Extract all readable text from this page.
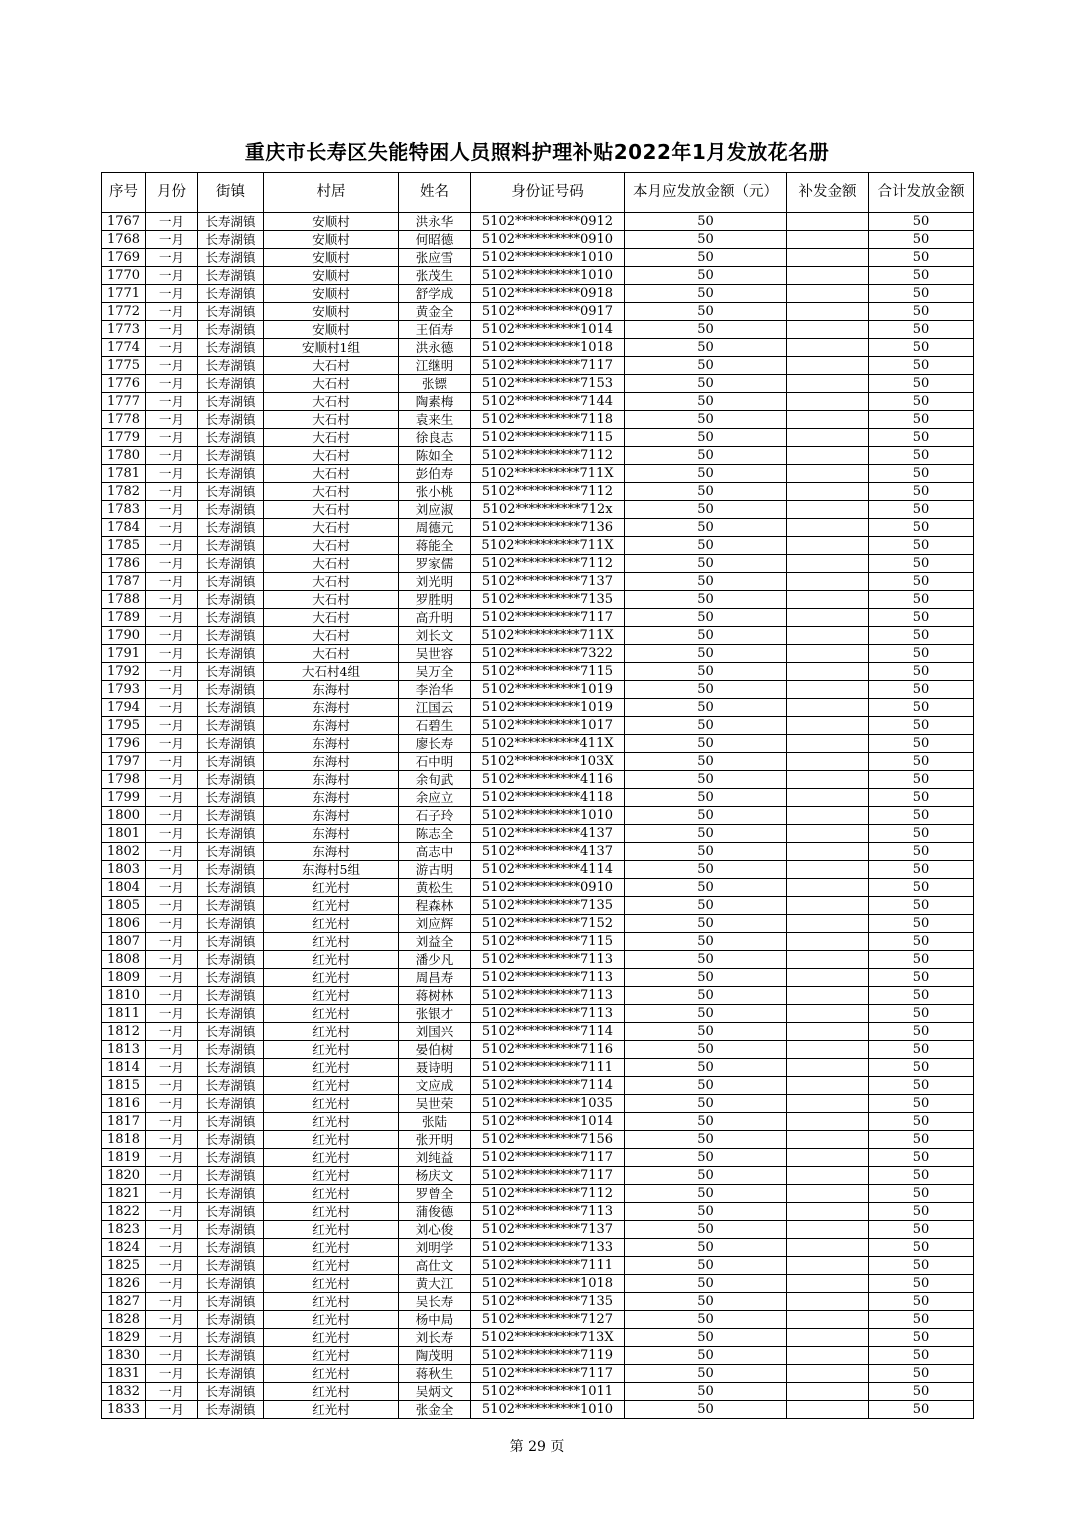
重庆市长寿区失能特困人员照料护理补贴2022年1月发放花名册
序号	月份	街镇	村居	姓名	身份证号码	本月应发放金额（元）	补发金额	合计发放金额
1767	一月	长寿湖镇	安顺村	洪永华	5102**********0912	50		50
1768	一月	长寿湖镇	安顺村	何昭德	5102**********0910	50		50
1769	一月	长寿湖镇	安顺村	张应雪	5102**********1010	50		50
1770	一月	长寿湖镇	安顺村	张茂生	5102**********1010	50		50
1771	一月	长寿湖镇	安顺村	舒学成	5102**********0918	50		50
1772	一月	长寿湖镇	安顺村	黄金全	5102**********0917	50		50
1773	一月	长寿湖镇	安顺村	王佰寿	5102**********1014	50		50
1774	一月	长寿湖镇	安顺村1组	洪永德	5102**********1018	50		50
1775	一月	长寿湖镇	大石村	江继明	5102**********7117	50		50
1776	一月	长寿湖镇	大石村	张镖	5102**********7153	50		50
1777	一月	长寿湖镇	大石村	陶素梅	5102**********7144	50		50
1778	一月	长寿湖镇	大石村	袁来生	5102**********7118	50		50
1779	一月	长寿湖镇	大石村	徐良志	5102**********7115	50		50
1780	一月	长寿湖镇	大石村	陈如全	5102**********7112	50		50
1781	一月	长寿湖镇	大石村	彭伯寿	5102**********711X	50		50
1782	一月	长寿湖镇	大石村	张小桃	5102**********7112	50		50
1783	一月	长寿湖镇	大石村	刘应淑	5102**********712x	50		50
1784	一月	长寿湖镇	大石村	周德元	5102**********7136	50		50
1785	一月	长寿湖镇	大石村	蒋能全	5102**********711X	50		50
1786	一月	长寿湖镇	大石村	罗家儒	5102**********7112	50		50
1787	一月	长寿湖镇	大石村	刘光明	5102**********7137	50		50
1788	一月	长寿湖镇	大石村	罗胜明	5102**********7135	50		50
1789	一月	长寿湖镇	大石村	高升明	5102**********7117	50		50
1790	一月	长寿湖镇	大石村	刘长文	5102**********711X	50		50
1791	一月	长寿湖镇	大石村	吴世容	5102**********7322	50		50
1792	一月	长寿湖镇	大石村4组	吴万全	5102**********7115	50		50
1793	一月	长寿湖镇	东海村	李治华	5102**********1019	50		50
1794	一月	长寿湖镇	东海村	江国云	5102**********1019	50		50
1795	一月	长寿湖镇	东海村	石碧生	5102**********1017	50		50
1796	一月	长寿湖镇	东海村	廖长寿	5102**********411X	50		50
1797	一月	长寿湖镇	东海村	石中明	5102**********103X	50		50
1798	一月	长寿湖镇	东海村	余旬武	5102**********4116	50		50
1799	一月	长寿湖镇	东海村	余应立	5102**********4118	50		50
1800	一月	长寿湖镇	东海村	石子玲	5102**********1010	50		50
1801	一月	长寿湖镇	东海村	陈志全	5102**********4137	50		50
1802	一月	长寿湖镇	东海村	高志中	5102**********4137	50		50
1803	一月	长寿湖镇	东海村5组	游古明	5102**********4114	50		50
1804	一月	长寿湖镇	红光村	黄松生	5102**********0910	50		50
1805	一月	长寿湖镇	红光村	程森林	5102**********7135	50		50
1806	一月	长寿湖镇	红光村	刘应辉	5102**********7152	50		50
1807	一月	长寿湖镇	红光村	刘益全	5102**********7115	50		50
1808	一月	长寿湖镇	红光村	潘少凡	5102**********7113	50		50
1809	一月	长寿湖镇	红光村	周昌寿	5102**********7113	50		50
1810	一月	长寿湖镇	红光村	蒋树林	5102**********7113	50		50
1811	一月	长寿湖镇	红光村	张银才	5102**********7113	50		50
1812	一月	长寿湖镇	红光村	刘国兴	5102**********7114	50		50
1813	一月	长寿湖镇	红光村	晏伯树	5102**********7116	50		50
1814	一月	长寿湖镇	红光村	聂诗明	5102**********7111	50		50
1815	一月	长寿湖镇	红光村	文应成	5102**********7114	50		50
1816	一月	长寿湖镇	红光村	吴世荣	5102**********1035	50		50
1817	一月	长寿湖镇	红光村	张陆	5102**********1014	50		50
1818	一月	长寿湖镇	红光村	张开明	5102**********7156	50		50
1819	一月	长寿湖镇	红光村	刘纯益	5102**********7117	50		50
1820	一月	长寿湖镇	红光村	杨庆文	5102**********7117	50		50
1821	一月	长寿湖镇	红光村	罗曾全	5102**********7112	50		50
1822	一月	长寿湖镇	红光村	蒲俊德	5102**********7113	50		50
1823	一月	长寿湖镇	红光村	刘心俊	5102**********7137	50		50
1824	一月	长寿湖镇	红光村	刘明学	5102**********7133	50		50
1825	一月	长寿湖镇	红光村	高仕文	5102**********7111	50		50
1826	一月	长寿湖镇	红光村	黄大江	5102**********1018	50		50
1827	一月	长寿湖镇	红光村	吴长寿	5102**********7135	50		50
1828	一月	长寿湖镇	红光村	杨中局	5102**********7127	50		50
1829	一月	长寿湖镇	红光村	刘长寿	5102**********713X	50		50
1830	一月	长寿湖镇	红光村	陶茂明	5102**********7119	50		50
1831	一月	长寿湖镇	红光村	蒋秋生	5102**********7117	50		50
1832	一月	长寿湖镇	红光村	吴炳文	5102**********1011	50		50
1833	一月	长寿湖镇	红光村	张金全	5102**********1010	50		50
第 29 页
